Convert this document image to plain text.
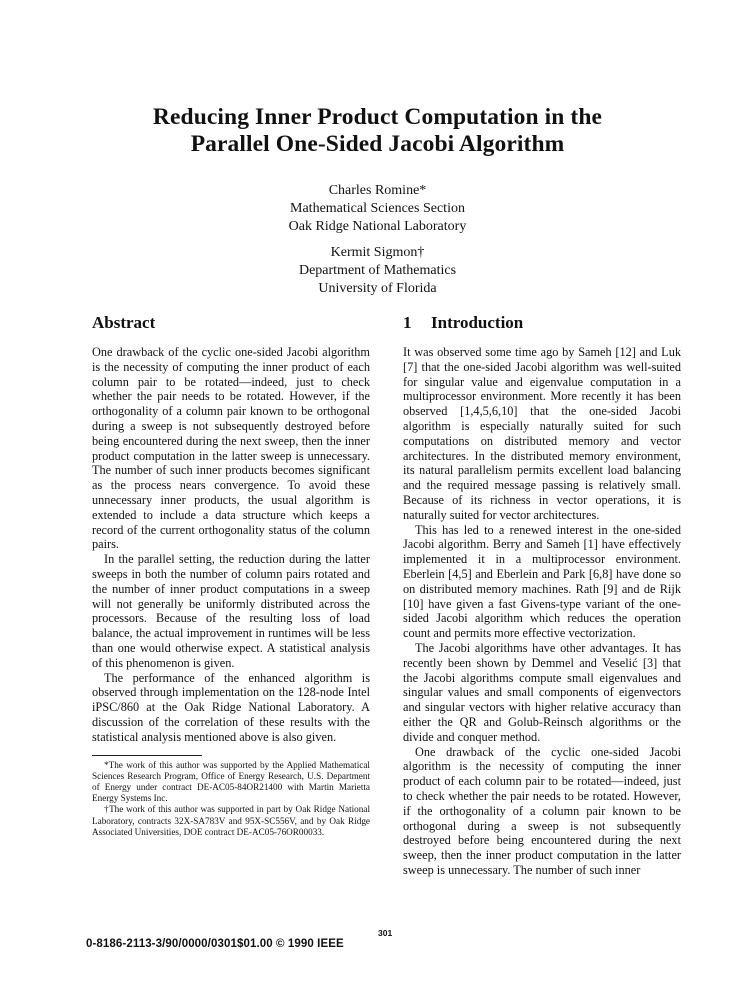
Reducing Inner Product Computation in the
Parallel One-Sided Jacobi Algorithm
Charles Romine*
Mathematical Sciences Section
Oak Ridge National Laboratory
Kermit Sigmon†
Department of Mathematics
University of Florida
Abstract

One drawback of the cyclic one-sided Jacobi algorithm is the necessity of computing the inner product of each column pair to be rotated—indeed, just to check whether the pair needs to be rotated. However, if the orthogonality of a column pair known to be orthogonal during a sweep is not subsequently destroyed before being encountered during the next sweep, then the inner product computation in the latter sweep is unnecessary. The number of such inner products becomes significant as the process nears convergence. To avoid these unnecessary inner products, the usual algorithm is extended to include a data structure which keeps a record of the current orthogonality status of the column pairs.

In the parallel setting, the reduction during the latter sweeps in both the number of column pairs rotated and the number of inner product computations in a sweep will not generally be uniformly distributed across the processors. Because of the resulting loss of load balance, the actual improvement in runtimes will be less than one would otherwise expect. A statistical analysis of this phenomenon is given.

The performance of the enhanced algorithm is observed through implementation on the 128-node Intel iPSC/860 at the Oak Ridge National Laboratory. A discussion of the correlation of these results with the statistical analysis mentioned above is also given.

*The work of this author was supported by the Applied Mathematical Sciences Research Program, Office of Energy Research, U.S. Department of Energy under contract DE-AC05-84OR21400 with Martin Marietta Energy Systems Inc.

†The work of this author was supported in part by Oak Ridge National Laboratory, contracts 32X-SA783V and 95X-SC556V, and by Oak Ridge Associated Universities, DOE contract DE-AC05-76OR00033.

1 Introduction

It was observed some time ago by Sameh [12] and Luk [7] that the one-sided Jacobi algorithm was well-suited for singular value and eigenvalue computation in a multiprocessor environment. More recently it has been observed [1,4,5,6,10] that the one-sided Jacobi algorithm is especially naturally suited for such computations on distributed memory and vector architectures. In the distributed memory environment, its natural parallelism permits excellent load balancing and the required message passing is relatively small. Because of its richness in vector operations, it is naturally suited for vector architectures.

This has led to a renewed interest in the one-sided Jacobi algorithm. Berry and Sameh [1] have effectively implemented it in a multiprocessor environment. Eberlein [4,5] and Eberlein and Park [6,8] have done so on distributed memory machines. Rath [9] and de Rijk [10] have given a fast Givens-type variant of the one-sided Jacobi algorithm which reduces the operation count and permits more effective vectorization.

The Jacobi algorithms have other advantages. It has recently been shown by Demmel and Veselić [3] that the Jacobi algorithms compute small eigenvalues and singular values and small components of eigenvectors and singular vectors with higher relative accuracy than either the QR and Golub-Reinsch algorithms or the divide and conquer method.

One drawback of the cyclic one-sided Jacobi algorithm is the necessity of computing the inner product of each column pair to be rotated—indeed, just to check whether the pair needs to be rotated. However, if the orthogonality of a column pair known to be orthogonal during a sweep is not subsequently destroyed before being encountered during the next sweep, then the inner product computation in the latter sweep is unnecessary. The number of such inner

301
0-8186-2113-3/90/0000/0301$01.00 © 1990 IEEE
